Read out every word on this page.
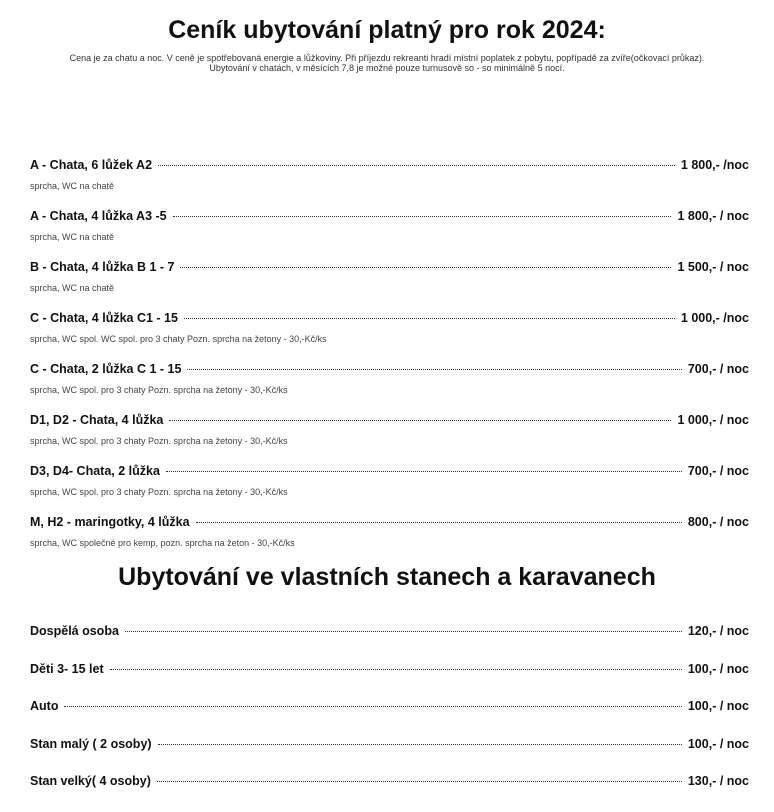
Ceník ubytování platný pro rok 2024:
Cena je za chatu a noc. V ceně je spotřebovaná energie a lůžkoviny. Při příjezdu rekreanti hradí místní poplatek z pobytu, popřípadě za zvíře(očkovací průkaz).
Ubytování v chatách, v měsících 7,8 je možné pouze turnusově so - so minimálně 5 nocí.
A - Chata, 6 lůžek A2	1 800,- /noc
sprcha, WC na chatě
A - Chata, 4 lůžka A3 -5	1 800,- / noc
sprcha, WC na chatě
B - Chata, 4 lůžka B 1 - 7	1 500,- / noc
sprcha, WC na chatě
C - Chata, 4 lůžka C1 - 15	1 000,- /noc
sprcha, WC spol. WC spol. pro 3 chaty Pozn. sprcha na žetony - 30,-Kč/ks
C - Chata, 2 lůžka C 1 - 15	700,- / noc
sprcha, WC spol. pro 3 chaty Pozn. sprcha na žetony - 30,-Kč/ks
D1, D2 - Chata, 4 lůžka	1 000,- / noc
sprcha, WC spol. pro 3 chaty Pozn. sprcha na žetony - 30,-Kč/ks
D3, D4- Chata, 2 lůžka	700,- / noc
sprcha, WC spol. pro 3 chaty Pozn. sprcha na žetony - 30,-Kč/ks
M, H2 - maringotky, 4 lůžka	800,- / noc
sprcha, WC společné pro kemp, pozn. sprcha na žeton - 30,-Kč/ks
Ubytování ve vlastních stanech a karavanech
Dospělá osoba	120,- / noc
Děti 3- 15 let	100,- / noc
Auto	100,- / noc
Stan malý ( 2 osoby)	100,- / noc
Stan velký( 4 osoby)	130,- / noc
